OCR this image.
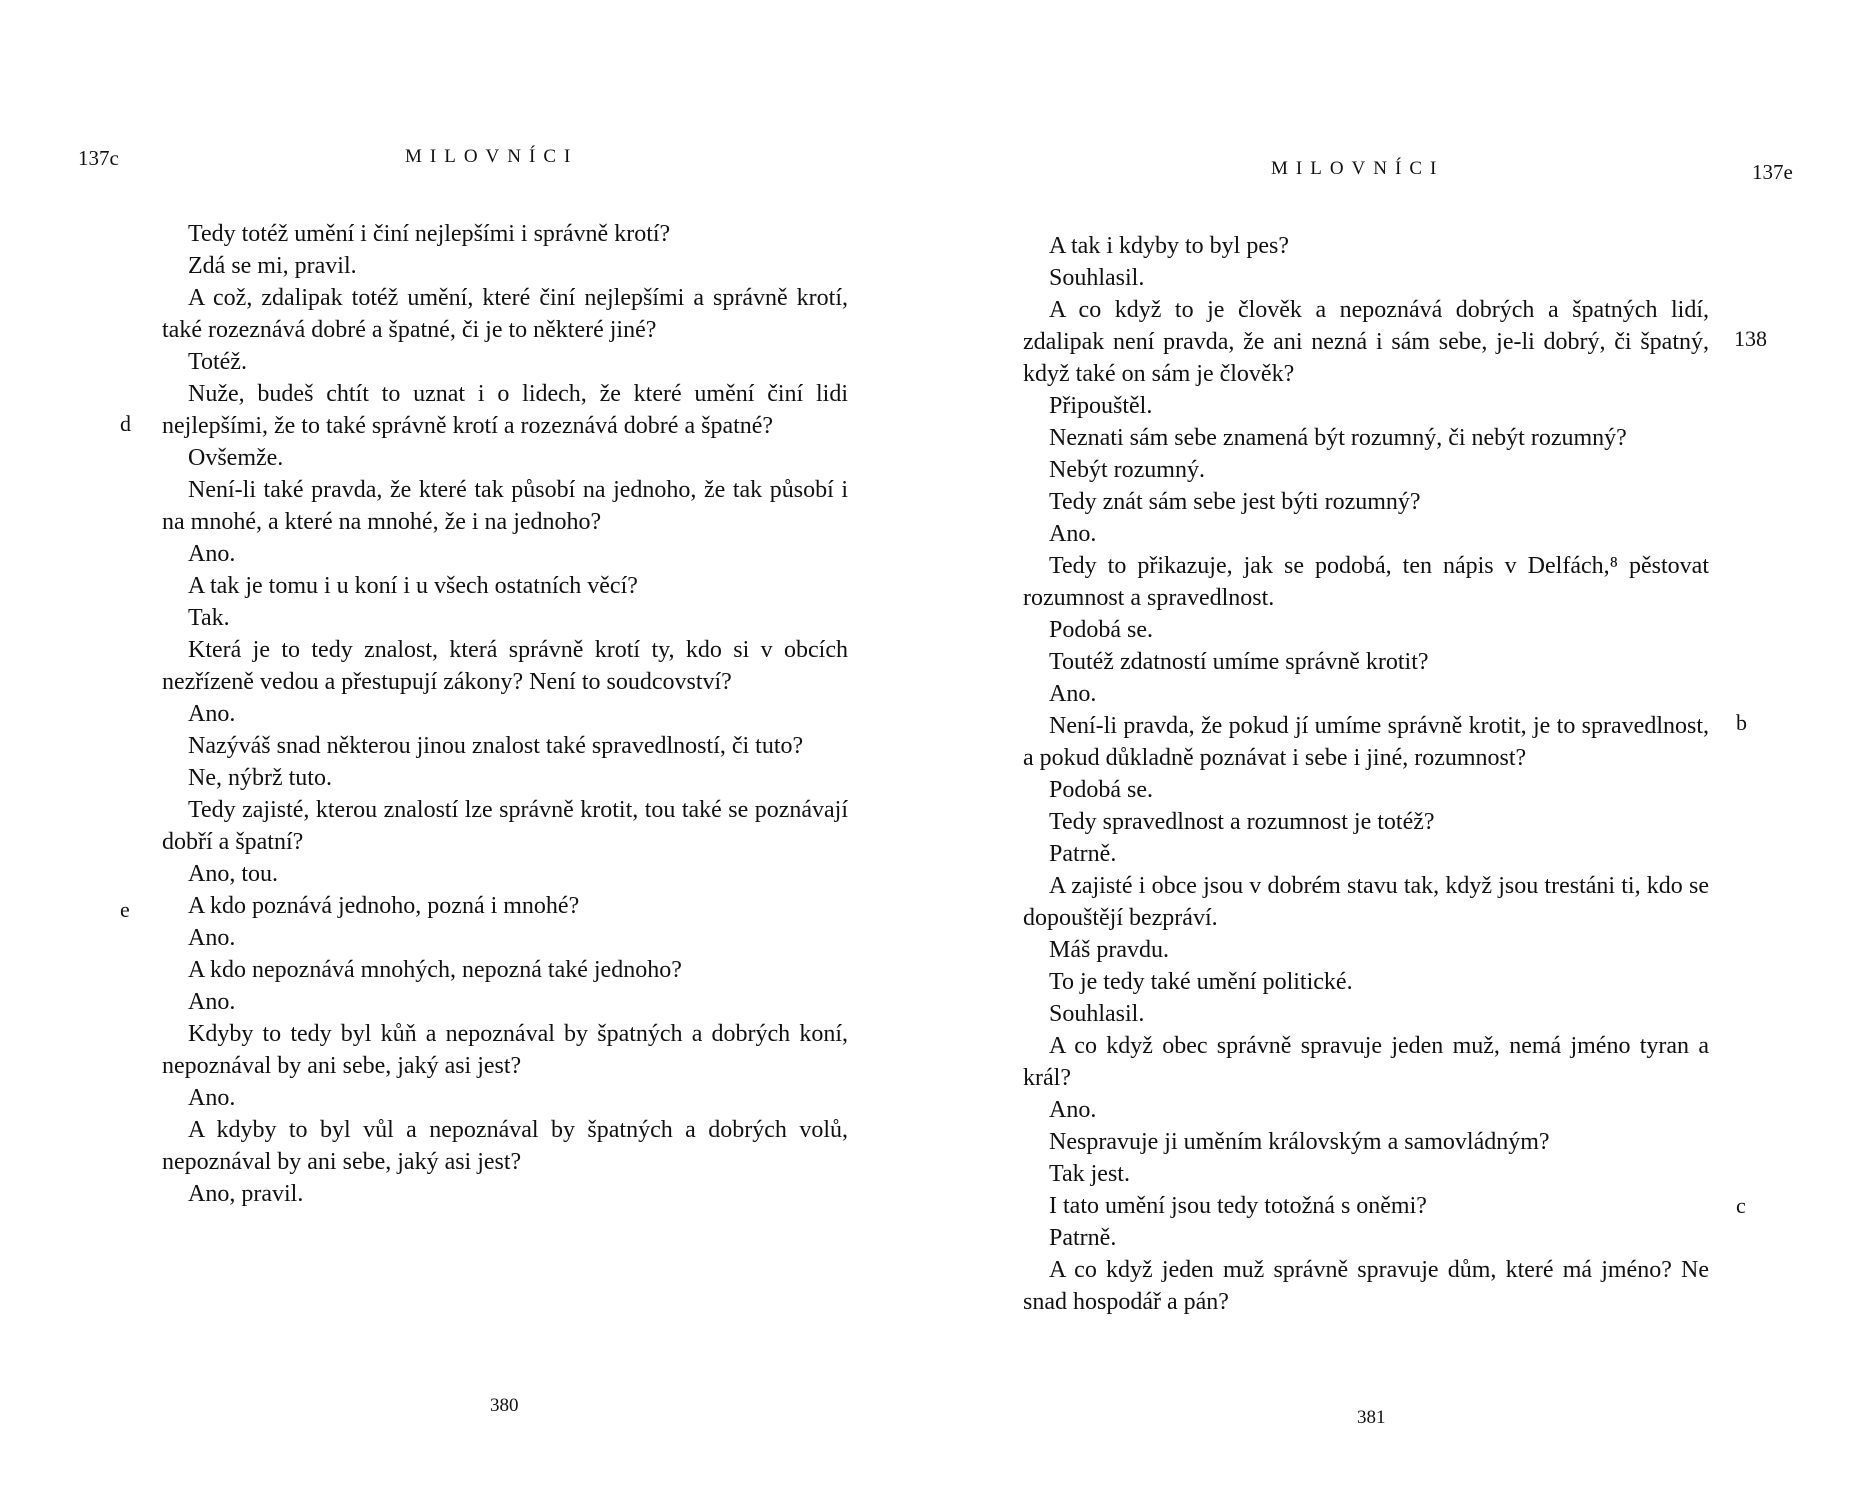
137c	MILOVNÍCI
d
e

Tedy totéž umění i činí nejlepšími i správně krotí?

Zdá se mi, pravil.

A což, zdalipak totéž umění, které činí nejlepšími a správně krotí, také rozeznává dobré a špatné, či je to některé jiné?

Totéž.

Nuže, budeš chtít to uznat i o lidech, že které umění činí lidi nejlepšími, že to také správně krotí a rozeznává dobré a špatné?

Ovšemže.

Není-li také pravda, že které tak působí na jednoho, že tak působí i na mnohé, a které na mnohé, že i na jednoho?

Ano.

A tak je tomu i u koní i u všech ostatních věcí?

Tak.

Která je to tedy znalost, která správně krotí ty, kdo si v obcích nezřízeně vedou a přestupují zákony? Není to soudcovství?

Ano.

Nazýváš snad některou jinou znalost také spravedlností, či tuto?

Ne, nýbrž tuto.

Tedy zajisté, kterou znalostí lze správně krotit, tou také se poznávají dobří a špatní?

Ano, tou.

A kdo poznává jednoho, pozná i mnohé?

Ano.

A kdo nepoznává mnohých, nepozná také jednoho?

Ano.

Kdyby to tedy byl kůň a nepoznával by špatných a dobrých koní, nepoznával by ani sebe, jaký asi jest?

Ano.

A kdyby to byl vůl a nepoznával by špatných a dobrých volů, nepoznával by ani sebe, jaký asi jest?

Ano, pravil.

380
MILOVNÍCI	137e
138
b
c

A tak i kdyby to byl pes?

Souhlasil.

A co když to je člověk a nepoznává dobrých a špatných lidí, zdalipak není pravda, že ani nezná i sám sebe, je-li dobrý, či špatný, když také on sám je člověk?

Připouštěl.

Neznati sám sebe znamená být rozumný, či nebýt rozumný?

Nebýt rozumný.

Tedy znát sám sebe jest býti rozumný?

Ano.

Tedy to přikazuje, jak se podobá, ten nápis v Delfách,⁸ pěstovat rozumnost a spravedlnost.

Podobá se.

Toutéž zdatností umíme správně krotit?

Ano.

Není-li pravda, že pokud jí umíme správně krotit, je to spravedlnost, a pokud důkladně poznávat i sebe i jiné, rozumnost?

Podobá se.

Tedy spravedlnost a rozumnost je totéž?

Patrně.

A zajisté i obce jsou v dobrém stavu tak, když jsou trestáni ti, kdo se dopouštějí bezpráví.

Máš pravdu.

To je tedy také umění politické.

Souhlasil.

A co když obec správně spravuje jeden muž, nemá jméno tyran a král?

Ano.

Nespravuje ji uměním královským a samovládným?

Tak jest.

I tato umění jsou tedy totožná s oněmi?

Patrně.

A co když jeden muž správně spravuje dům, které má jméno? Ne snad hospodář a pán?

381
